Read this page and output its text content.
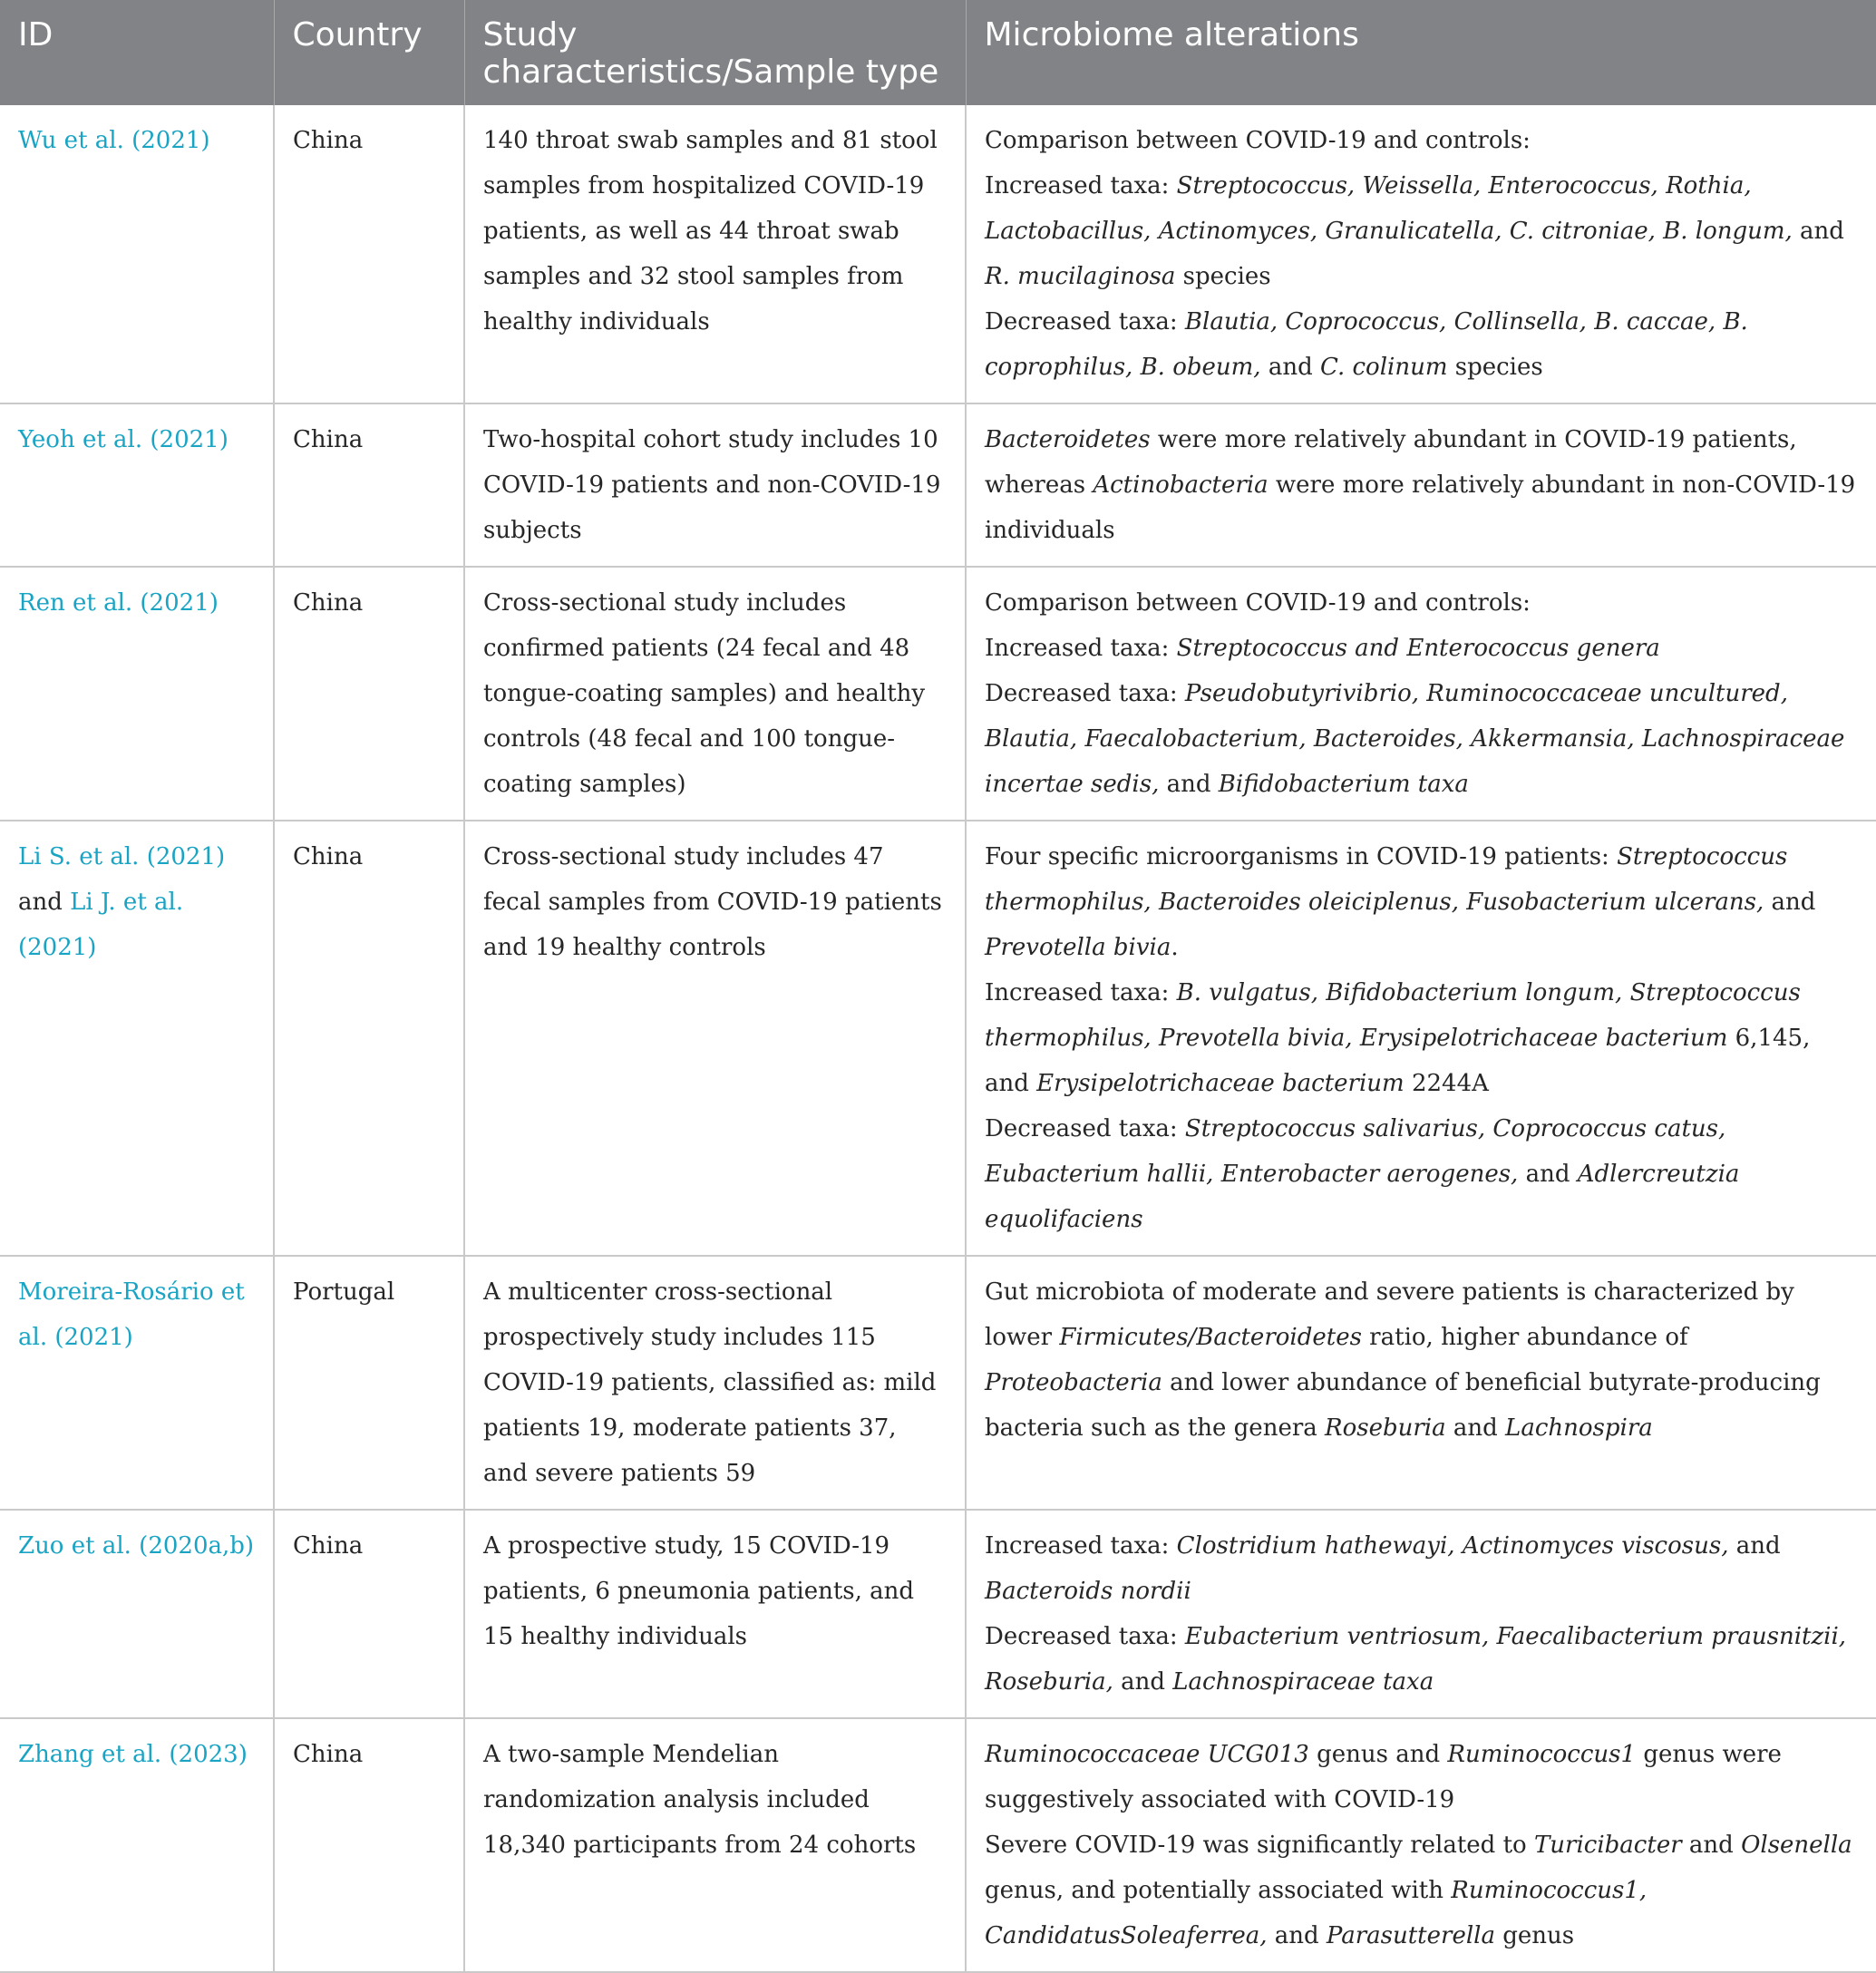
ID	Country	Study characteristics/Sample type	Microbiome alterations
Wu et al. (2021)	China	140 throat swab samples and 81 stool samples from hospitalized COVID-19 patients, as well as 44 throat swab samples and 32 stool samples from healthy individuals	Comparison between COVID-19 and controls:
Increased taxa: Streptococcus, Weissella, Enterococcus, Rothia, Lactobacillus, Actinomyces, Granulicatella, C. citroniae, B. longum, and R. mucilaginosa species
Decreased taxa: Blautia, Coprococcus, Collinsella, B. caccae, B. coprophilus, B. obeum, and C. colinum species

Yeoh et al. (2021)	China	Two-hospital cohort study includes 10 COVID-19 patients and non-COVID-19 subjects	Bacteroidetes were more relatively abundant in COVID-19 patients, whereas Actinobacteria were more relatively abundant in non-COVID-19 individuals
Ren et al. (2021)	China	Cross-sectional study includes confirmed patients (24 fecal and 48 tongue-coating samples) and healthy controls (48 fecal and 100 tongue-coating samples)	Comparison between COVID-19 and controls:
Increased taxa: Streptococcus and Enterococcus genera
Decreased taxa: Pseudobutyrivibrio, Ruminococcaceae uncultured, Blautia, Faecalobacterium, Bacteroides, Akkermansia, Lachnospiraceae incertae sedis, and Bifidobacterium taxa

Li S. et al. (2021) and Li J. et al. (2021)	China	Cross-sectional study includes 47 fecal samples from COVID-19 patients and 19 healthy controls	Four specific microorganisms in COVID-19 patients: Streptococcus thermophilus, Bacteroides oleiciplenus, Fusobacterium ulcerans, and Prevotella bivia.
Increased taxa: B. vulgatus, Bifidobacterium longum, Streptococcus thermophilus, Prevotella bivia, Erysipelotrichaceae bacterium 6,145, and Erysipelotrichaceae bacterium 2244A
Decreased taxa: Streptococcus salivarius, Coprococcus catus, Eubacterium hallii, Enterobacter aerogenes, and Adlercreutzia equolifaciens

Moreira-Rosário et al. (2021)	Portugal	A multicenter cross-sectional prospectively study includes 115 COVID-19 patients, classified as: mild patients 19, moderate patients 37, and severe patients 59	Gut microbiota of moderate and severe patients is characterized by lower Firmicutes/Bacteroidetes ratio, higher abundance of Proteobacteria and lower abundance of beneficial butyrate-producing bacteria such as the genera Roseburia and Lachnospira
Zuo et al. (2020a,b)	China	A prospective study, 15 COVID-19 patients, 6 pneumonia patients, and 15 healthy individuals	Increased taxa: Clostridium hathewayi, Actinomyces viscosus, and Bacteroids nordii
Decreased taxa: Eubacterium ventriosum, Faecalibacterium prausnitzii, Roseburia, and Lachnospiraceae taxa

Zhang et al. (2023)	China	A two-sample Mendelian randomization analysis included 18,340 participants from 24 cohorts	Ruminococcaceae UCG013 genus and Ruminococcus1 genus were suggestively associated with COVID-19
Severe COVID-19 was significantly related to Turicibacter and Olsenella genus, and potentially associated with Ruminococcus1, CandidatusSoleaferrea, and Parasutterella genus
